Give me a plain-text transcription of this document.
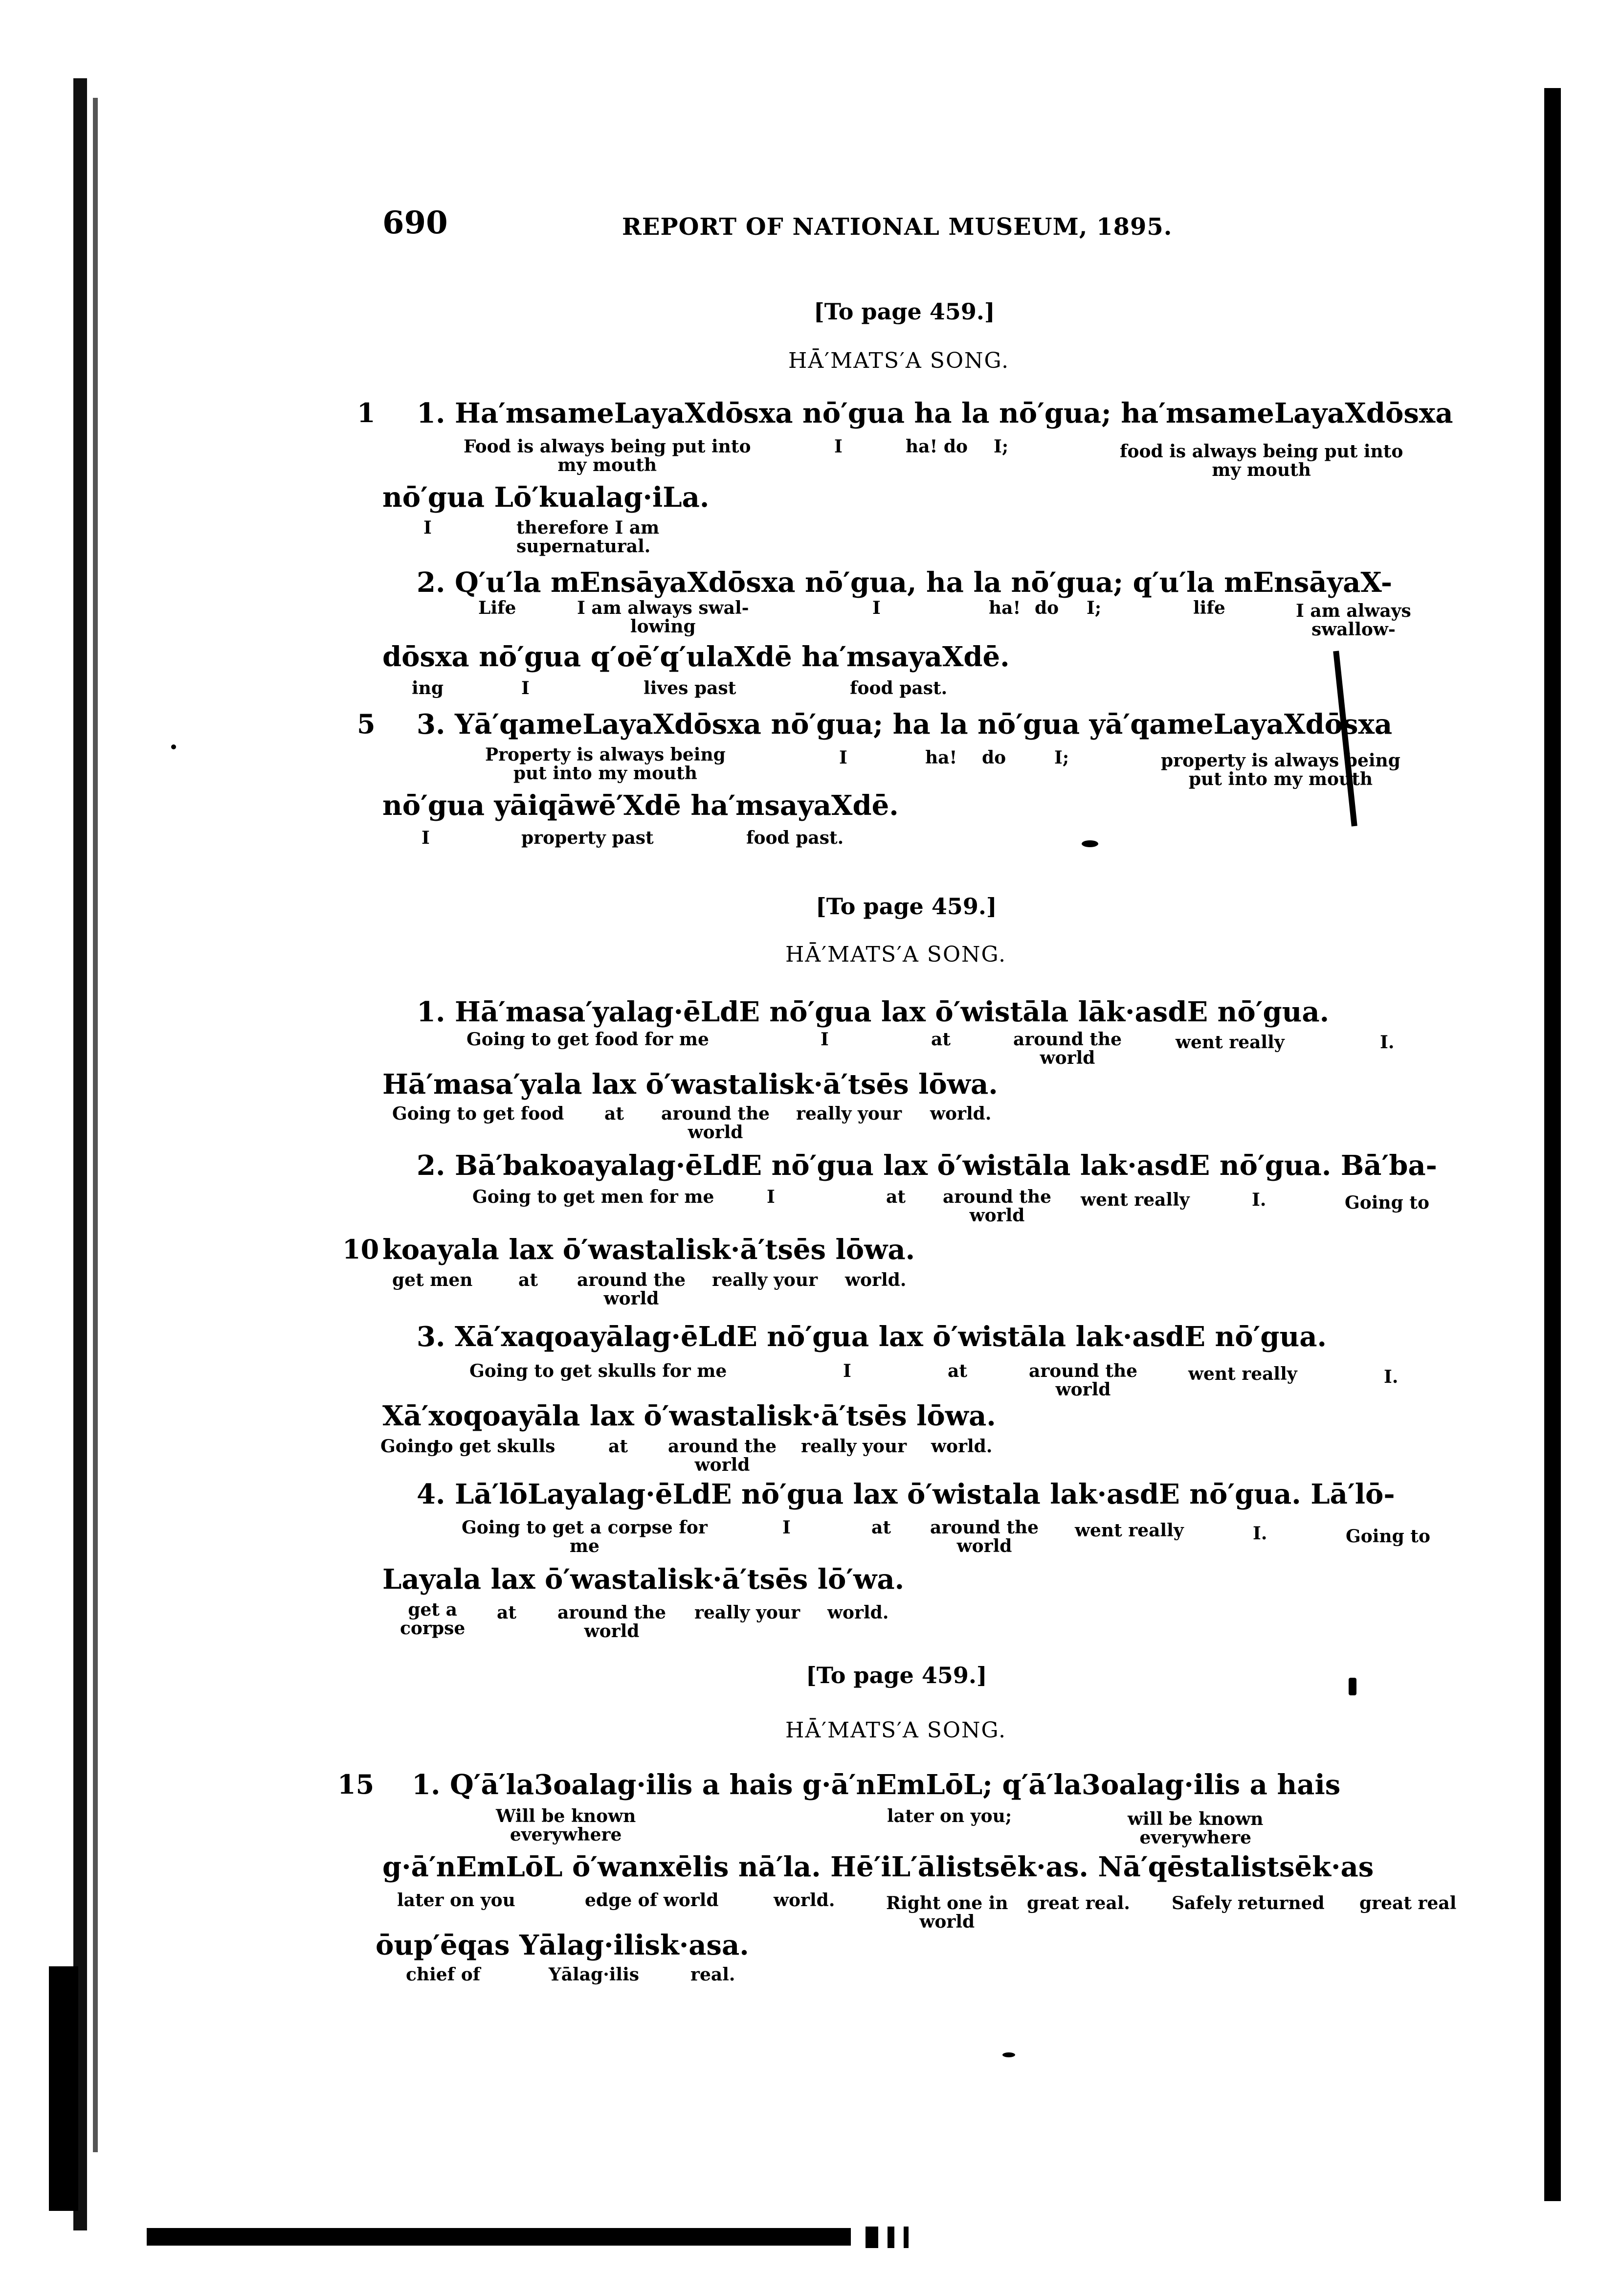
690	REPORT OF NATIONAL MUSEUM, 1895.
[To page 459.]
HĀ′MATS′A SONG.
1 1. Ha′msameLayaXdōsxa nō′gua ha la nō′gua; ha′msameLayaXdōsxa
Food is always being put into
my mouth
I	ha! do I;	food is always being put into
my mouth
nō′gua Lō′kualag·iLa.
I	therefore I am
supernatural.
2. Q′u′la mEnsāyaXdōsxa nō′gua, ha la nō′gua; q′u′la mEnsāyaX-
Life	I am always swal-
lowing
I	ha! do I;	life	I am always
swallow-
dōsxa nō′gua q′oē′q′ulaXdē ha′msayaXdē.
ing	I	lives past	food past.
5 3. Yā′qameLayaXdōsxa nō′gua; ha la nō′gua yā′qameLayaXdōsxa
Property is always being
put into my mouth
I	ha! do	I;	property is always being
put into my mouth
nō′gua yāiqāwē′Xdē ha′msayaXdē.
I	property past	food past.
[To page 459.]
HĀ′MATS′A SONG.
1. Hā′masa′yalag·ēLdE nō′gua lax ō′wistāla lāk·asdE nō′gua.
Going to get food for me	I	at	around the
world
went really	I.
Hā′masa′yala lax ō′wastalisk·ā′tsēs lōwa.
Going to get food at around the
world
really your world.
2. Bā′bakoayalag·ēLdE nō′gua lax ō′wistāla lak·asdE nō′gua. Bā′ba-
Going to get men for me	I	at around the
world
went really	I.	Going to
10 koayala lax ō′wastalisk·ā′tsēs lōwa.
get men	at around the
world
really your world.
3. Xā′xaqoayālag·ēLdE nō′gua lax ō′wistāla lak·asdE nō′gua.
Going to get skulls for me	I	at	around the
world
went really	I.
Xā′xoqoayāla lax ō′wastalisk·ā′tsēs lōwa.
Going
to get skulls	at around the
world
really your world.
4. Lā′lōLayalag·ēLdE nō′gua lax ō′wistala lak·asdE nō′gua. Lā′lō-
Going to get a corpse for
me
I	at around the
world
went really	I.	Going to
Layala lax ō′wastalisk·ā′tsēs lō′wa.
get a
corpse
at around the
world
really your world.
[To page 459.]
HĀ′MATS′A SONG.
15 1. Q′ā′la3oalag·ilis a hais g·ā′nEmLōL; q′ā′la3oalag·ilis a hais
Will be known
everywhere
later on you;	will be known
everywhere
g·ā′nEmLōL ō′wanxēlis nā′la. Hē′iL′ālistsēk·as. Nā′qēstalistsēk·as
later on you	edge of world	world.	Right one in
world
great real. Safely returned great real
ōup′ēqas Yālag·ilisk·asa.
chief of	Yālag·ilis	real.
